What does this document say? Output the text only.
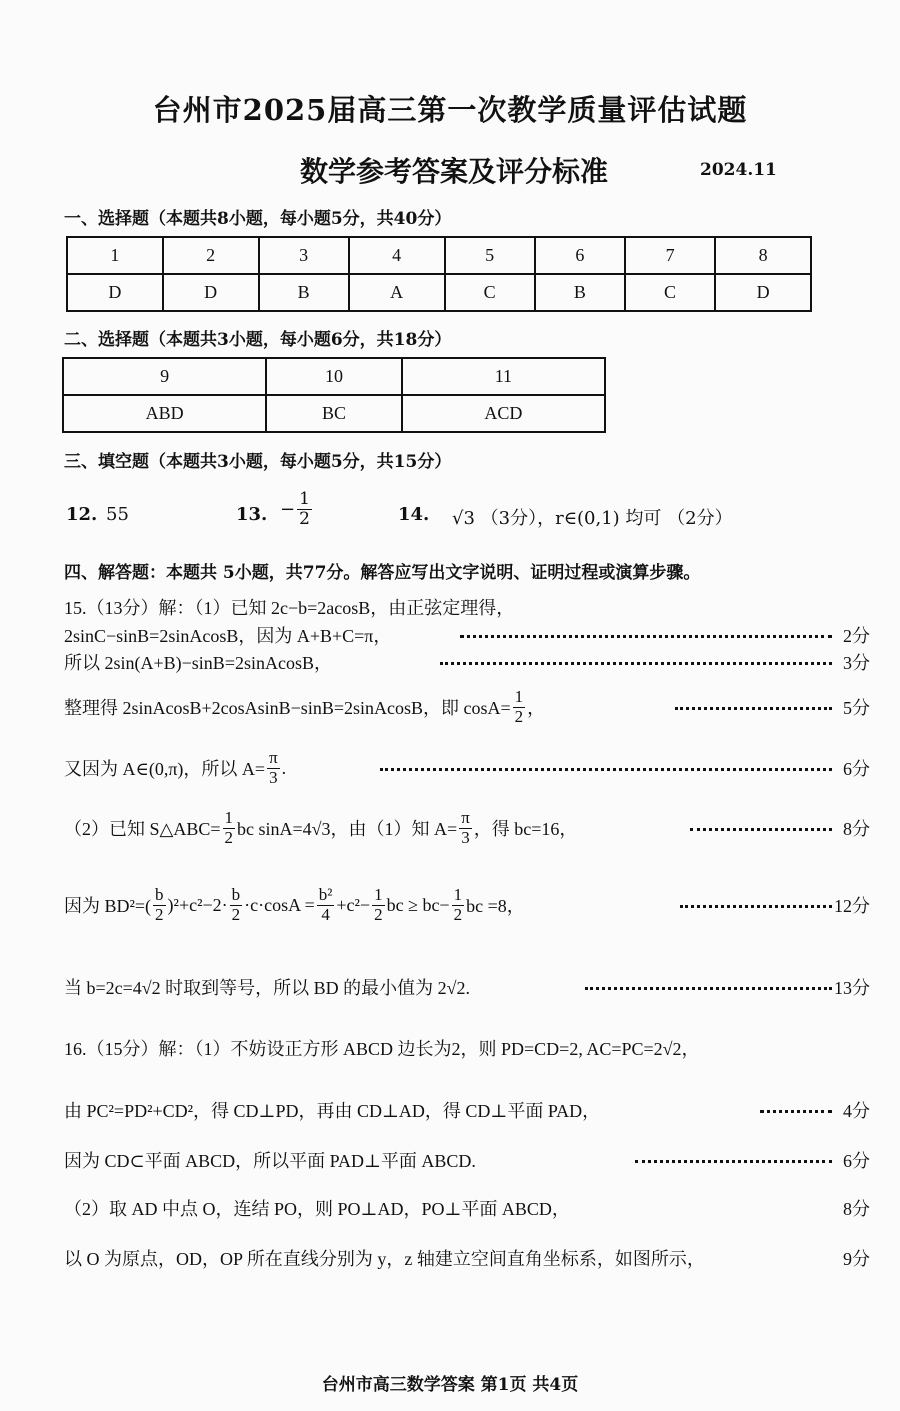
台州市2025届高三第一次教学质量评估试题
数学参考答案及评分标准	2024.11
一、选择题（本题共8小题，每小题5分，共40分）
1	2	3	4	5	6	7	8
D	D	B	A	C	B	C	D
二、选择题（本题共3小题，每小题6分，共18分）
9	10	11
ABD	BC	ACD
三、填空题（本题共3小题，每小题5分，共15分）
12. 55	13. − $\frac{1}{2}$	14. √3 （3分），r∈(0,1) 均可 （2分）
四、解答题：本题共 5小题，共77分。解答应写出文字说明、证明过程或演算步骤。
15.（13分）解：（1）已知 2c−b=2acosB，由正弦定理得，
2sinC−sinB=2sinAcosB，因为 A+B+C=π，	2分
所以 2sin(A+B)−sinB=2sinAcosB，	3分
整理得 2sinAcosB+2cosAsinB−sinB=2sinAcosB，即 $\cos A= \frac{1}{2}$ ，	5分
又因为 A∈(0,π)，所以 $A= \frac{\pi}{3}$ .	6分
（2）已知 S△ABC= $\frac{1}{2}$ bc sinA=4√3，由（1）知 $A= \frac{\pi}{3}$ ，得 bc=16，	8分
因为 $BD^2=( \frac{b}{2} )^2+c^2-2\cdot \frac{b}{2} \cdot c\cdot\cos A = \frac{\text{b²}}{4} +c^2- \frac{1}{2}$ bc ≥ $bc- \frac{1}{2}$ bc =8，	12分
当 b=2c=4√2 时取到等号，所以 BD 的最小值为 2√2.	13分
16.（15分）解：（1）不妨设正方形 ABCD 边长为2，则 PD=CD=2, AC=PC=2√2，
由 PC²=PD²+CD²，得 CD⊥PD，再由 CD⊥AD，得 CD⊥平面 PAD，	4分
因为 CD⊂平面 ABCD，所以平面 PAD⊥平面 ABCD.	6分
（2）取 AD 中点 O，连结 PO，则 PO⊥AD，PO⊥平面 ABCD，	8分
以 O 为原点，OD，OP 所在直线分别为 y，z 轴建立空间直角坐标系，如图所示，	9分
台州市高三数学答案 第1页 共4页
